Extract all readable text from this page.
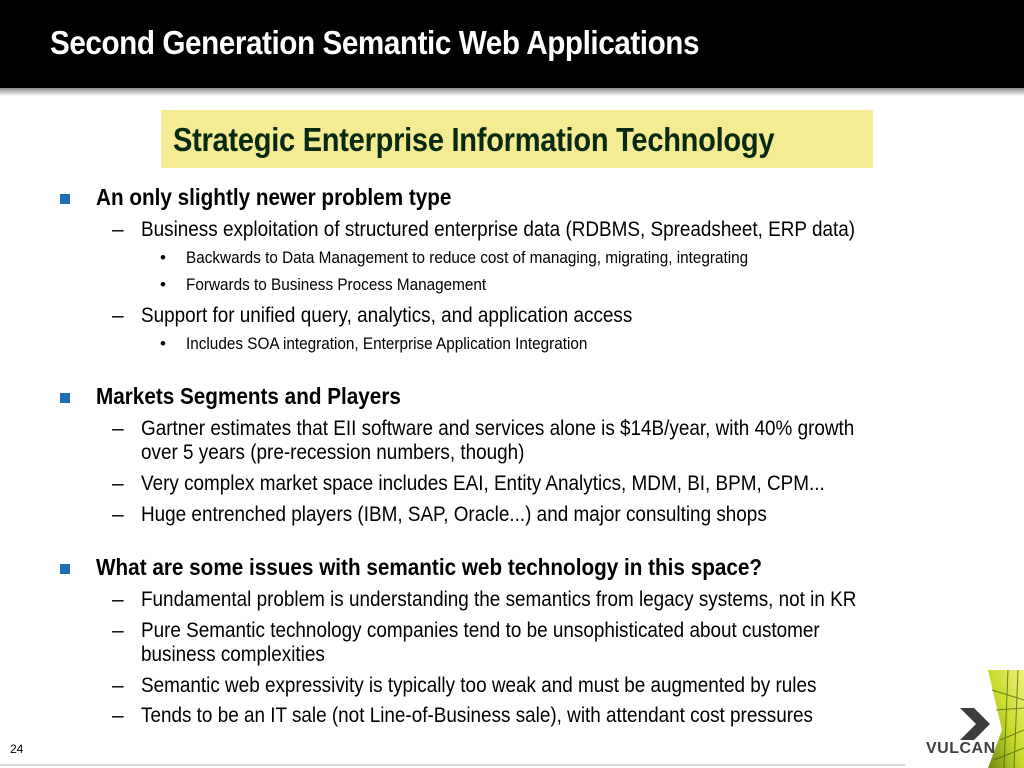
Second Generation Semantic Web Applications
Strategic Enterprise Information Technology
An only slightly newer problem type
– Business exploitation of structured enterprise data (RDBMS, Spreadsheet, ERP data)
• Backwards to Data Management to reduce cost of managing, migrating, integrating
• Forwards to Business Process Management
– Support for unified query, analytics, and application access
• Includes SOA integration, Enterprise Application Integration
Markets Segments and Players
– Gartner estimates that EII software and services alone is $14B/year, with 40% growth
over 5 years (pre-recession numbers, though)
– Very complex market space includes EAI, Entity Analytics, MDM, BI, BPM, CPM...
– Huge entrenched players (IBM, SAP, Oracle...) and major consulting shops
What are some issues with semantic web technology in this space?
– Fundamental problem is understanding the semantics from legacy systems, not in KR
– Pure Semantic technology companies tend to be unsophisticated about customer
business complexities
– Semantic web expressivity is typically too weak and must be augmented by rules
– Tends to be an IT sale (not Line-of-Business sale), with attendant cost pressures
24	VULCAN
